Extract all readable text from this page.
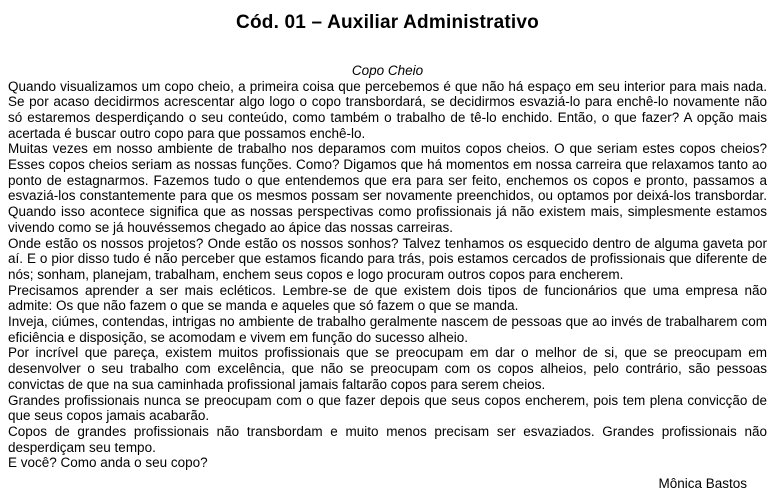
Cód. 01 – Auxiliar Administrativo
Copo Cheio

Quando visualizamos um copo cheio, a primeira coisa que percebemos é que não há espaço em seu interior para mais nada. Se por acaso decidirmos acrescentar algo logo o copo transbordará, se decidirmos esvaziá-lo para enchê-lo novamente não só estaremos desperdiçando o seu conteúdo, como também o trabalho de tê-lo enchido. Então, o que fazer? A opção mais acertada é buscar outro copo para que possamos enchê-lo.

Muitas vezes em nosso ambiente de trabalho nos deparamos com muitos copos cheios. O que seriam estes copos cheios? Esses copos cheios seriam as nossas funções. Como? Digamos que há momentos em nossa carreira que relaxamos tanto ao ponto de estagnarmos. Fazemos tudo o que entendemos que era para ser feito, enchemos os copos e pronto, passamos a esvaziá-los constantemente para que os mesmos possam ser novamente preenchidos, ou optamos por deixá-los transbordar. Quando isso acontece significa que as nossas perspectivas como profissionais já não existem mais, simplesmente estamos vivendo como se já houvéssemos chegado ao ápice das nossas carreiras.

Onde estão os nossos projetos? Onde estão os nossos sonhos? Talvez tenhamos os esquecido dentro de alguma gaveta por aí. E o pior disso tudo é não perceber que estamos ficando para trás, pois estamos cercados de profissionais que diferente de nós; sonham, planejam, trabalham, enchem seus copos e logo procuram outros copos para encherem.

Precisamos aprender a ser mais ecléticos. Lembre-se de que existem dois tipos de funcionários que uma empresa não admite: Os que não fazem o que se manda e aqueles que só fazem o que se manda.

Inveja, ciúmes, contendas, intrigas no ambiente de trabalho geralmente nascem de pessoas que ao invés de trabalharem com eficiência e disposição, se acomodam e vivem em função do sucesso alheio.

Por incrível que pareça, existem muitos profissionais que se preocupam em dar o melhor de si, que se preocupam em desenvolver o seu trabalho com excelência, que não se preocupam com os copos alheios, pelo contrário, são pessoas convictas de que na sua caminhada profissional jamais faltarão copos para serem cheios.

Grandes profissionais nunca se preocupam com o que fazer depois que seus copos encherem, pois tem plena convicção de que seus copos jamais acabarão.

Copos de grandes profissionais não transbordam e muito menos precisam ser esvaziados. Grandes profissionais não desperdiçam seu tempo.

E você? Como anda o seu copo?

Mônica Bastos
